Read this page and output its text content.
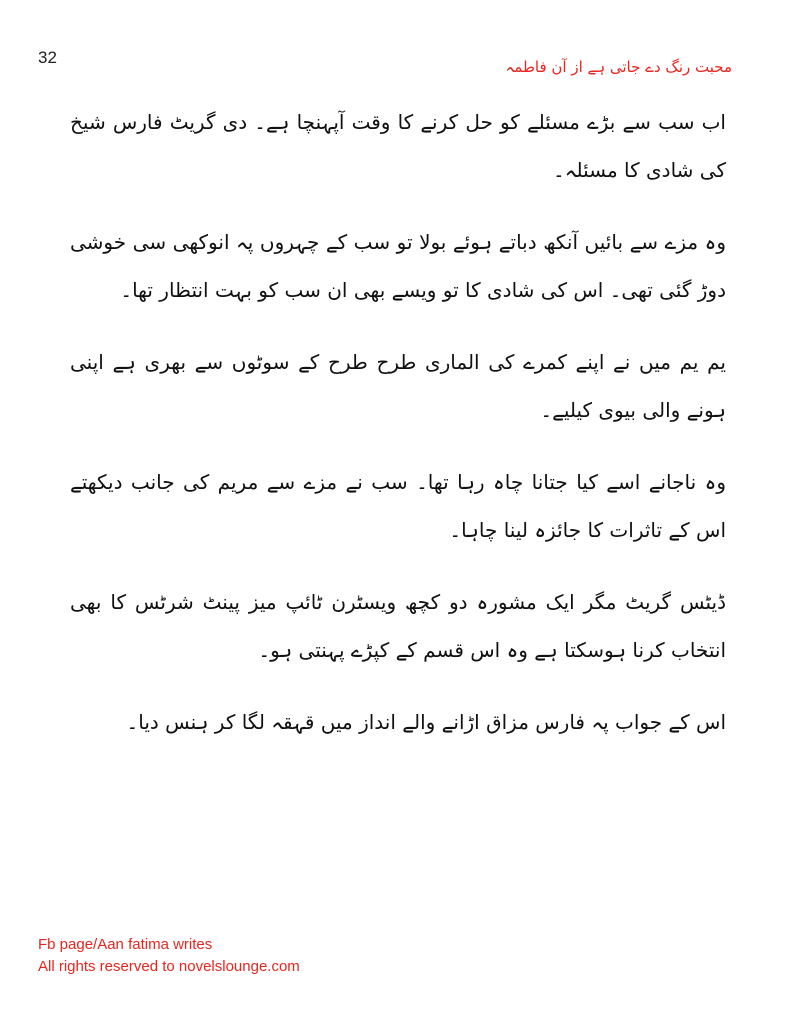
32	محبت رنگ دے جاتی ہے از آن فاطمہ

اب سب سے بڑے مسئلے کو حل کرنے کا وقت آپہنچا ہے۔ دی گریٹ فارس شیخ کی شادی کا مسئلہ۔

وہ مزے سے بائیں آنکھ دباتے ہوئے بولا تو سب کے چہروں پہ انوکھی سی خوشی دوڑ گئی تھی۔ اس کی شادی کا تو ویسے بھی ان سب کو بہت انتظار تھا۔

یم یم میں نے اپنے کمرے کی الماری طرح طرح کے سوٹوں سے بھری ہے اپنی ہونے والی بیوی کیلیے۔

وہ ناجانے اسے کیا جتانا چاہ رہا تھا۔ سب نے مزے سے مریم کی جانب دیکھتے اس کے تاثرات کا جائزہ لینا چاہا۔

ڈیٹس گریٹ مگر ایک مشورہ دو کچھ ویسٹرن ٹائپ میز پینٹ شرٹس کا بھی انتخاب کرنا ہوسکتا ہے وہ اس قسم کے کپڑے پہنتی ہو۔

اس کے جواب پہ فارس مزاق اڑانے والے انداز میں قہقہ لگا کر ہنس دیا۔

Fb page/Aan fatima writes
All rights reserved to novelslounge.com
